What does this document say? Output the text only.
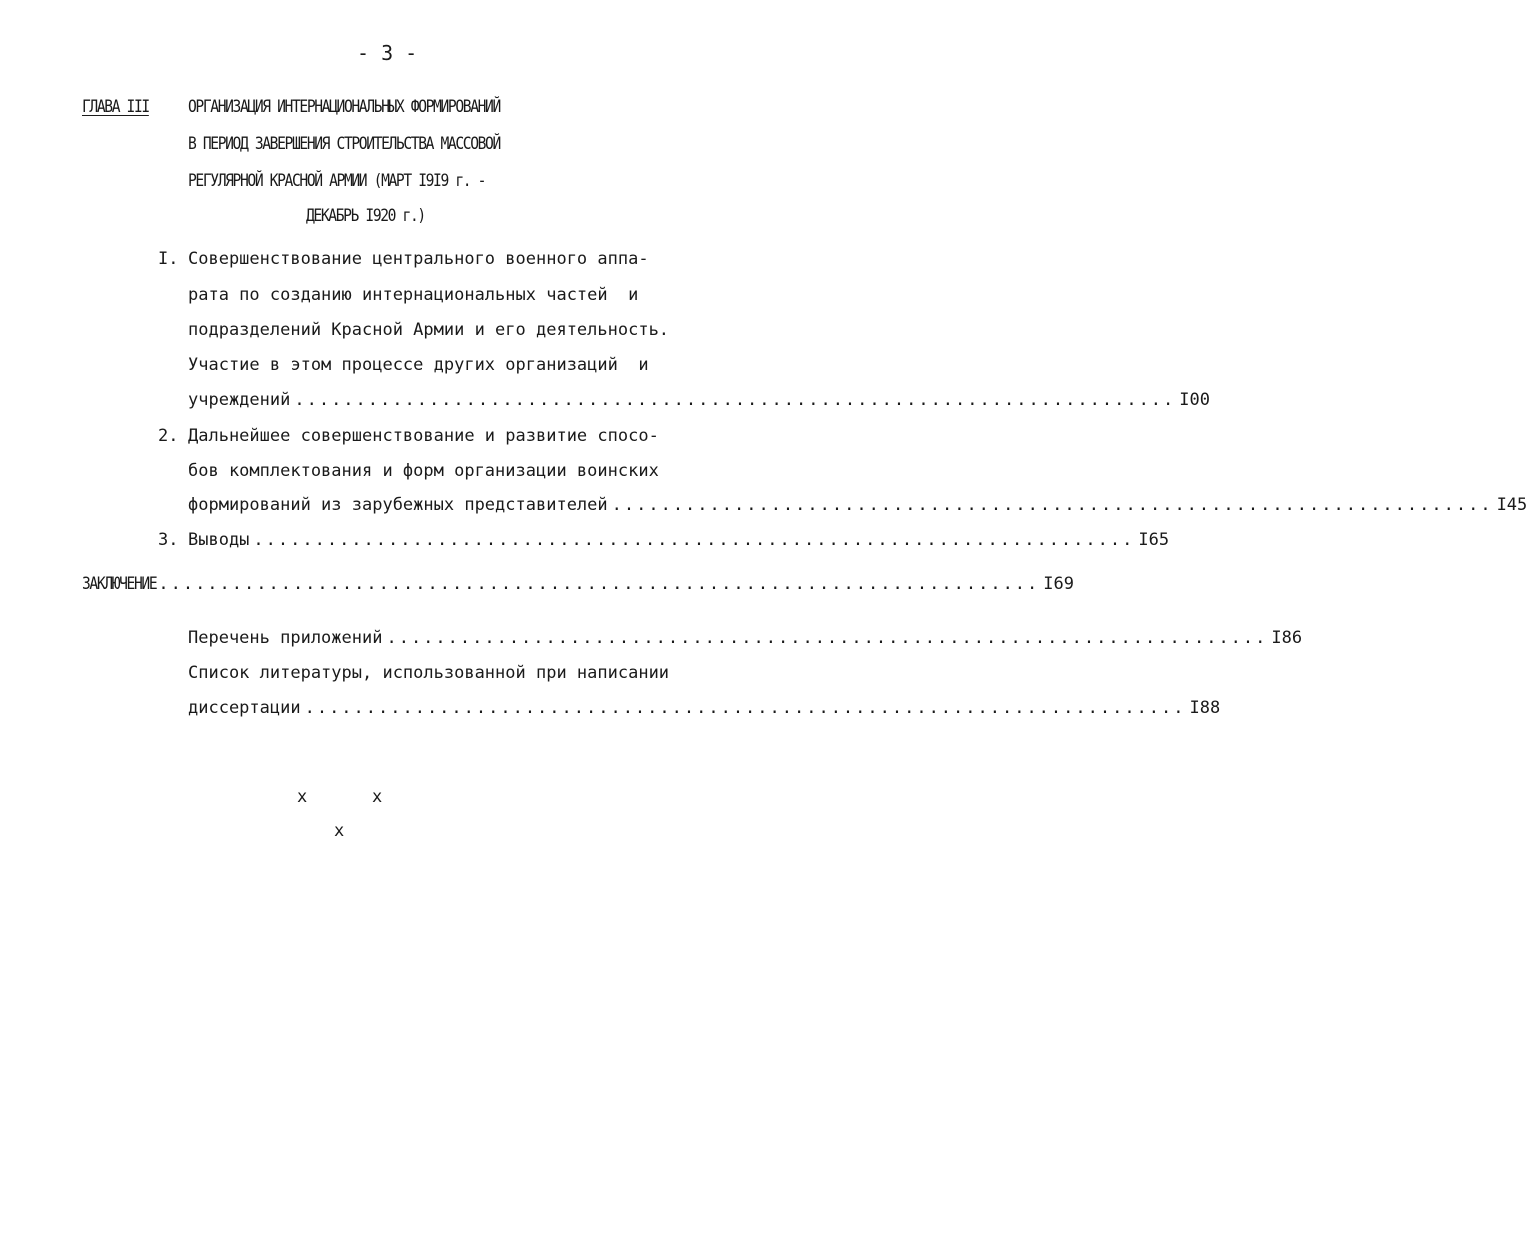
- 3 -
ГЛАВА III ОРГАНИЗАЦИЯ ИНТЕРНАЦИОНАЛЬНЫХ ФОРМИРОВАНИЙ
В ПЕРИОД ЗАВЕРШЕНИЯ СТРОИТЕЛЬСТВА МАССОВОЙ
РЕГУЛЯРНОЙ КРАСНОЙ АРМИИ (МАРТ I9I9 г. -
ДЕКАБРЬ I920 г.)
I. Совершенствование центрального военного аппа-
рата по созданию интернациональных частей  и
подразделений Красной Армии и его деятельность.
Участие в этом процессе других организаций  и
учреждений ........................................................................ I00
2. Дальнейшее совершенствование и развитие спосо-
бов комплектования и форм организации воинских
формирований из зарубежных представителей ........................................................................ I45
3. Выводы ........................................................................ I65
ЗАКЛЮЧЕНИЕ ........................................................................ I69
Перечень приложений ........................................................................ I86
Список литературы, использованной при написании
диссертации ........................................................................ I88
x	x
x
